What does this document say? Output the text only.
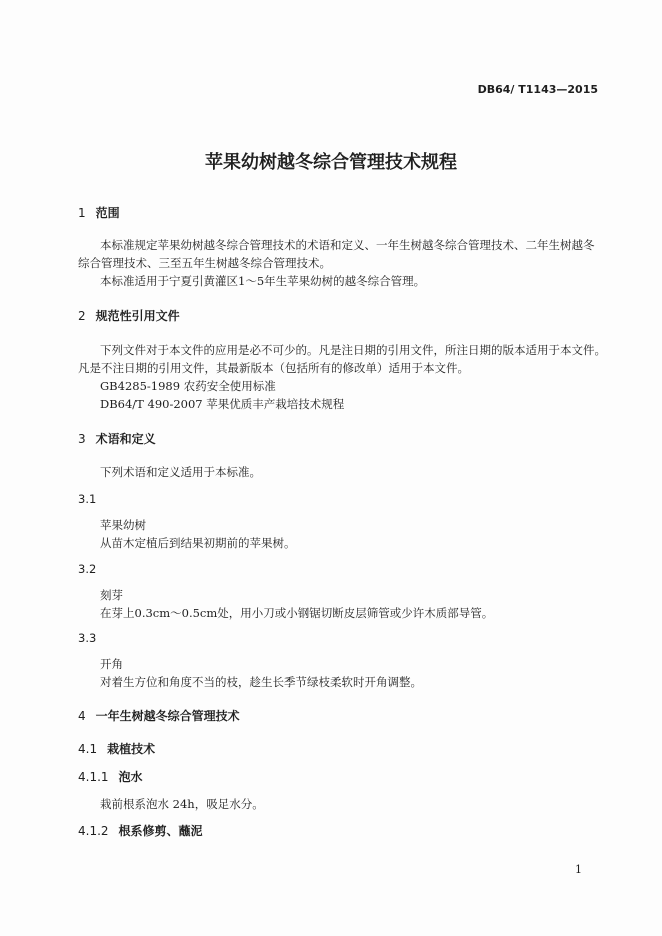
DB64/ T1143—2015
苹果幼树越冬综合管理技术规程
1 范围
本标准规定苹果幼树越冬综合管理技术的术语和定义、一年生树越冬综合管理技术、二年生树越冬
综合管理技术、三至五年生树越冬综合管理技术。
本标准适用于宁夏引黄灌区1～5年生苹果幼树的越冬综合管理。
2 规范性引用文件
下列文件对于本文件的应用是必不可少的。凡是注日期的引用文件，所注日期的版本适用于本文件。
凡是不注日期的引用文件，其最新版本（包括所有的修改单）适用于本文件。
GB4285-1989 农药安全使用标准
DB64/T 490-2007 苹果优质丰产栽培技术规程
3 术语和定义
下列术语和定义适用于本标准。
3.1
苹果幼树
从苗木定植后到结果初期前的苹果树。
3.2
刻芽
在芽上0.3cm～0.5cm处，用小刀或小钢锯切断皮层筛管或少许木质部导管。
3.3
开角
对着生方位和角度不当的枝，趁生长季节绿枝柔软时开角调整。
4 一年生树越冬综合管理技术
4.1 栽植技术
4.1.1 泡水
栽前根系泡水 24h，吸足水分。
4.1.2 根系修剪、蘸泥
1
